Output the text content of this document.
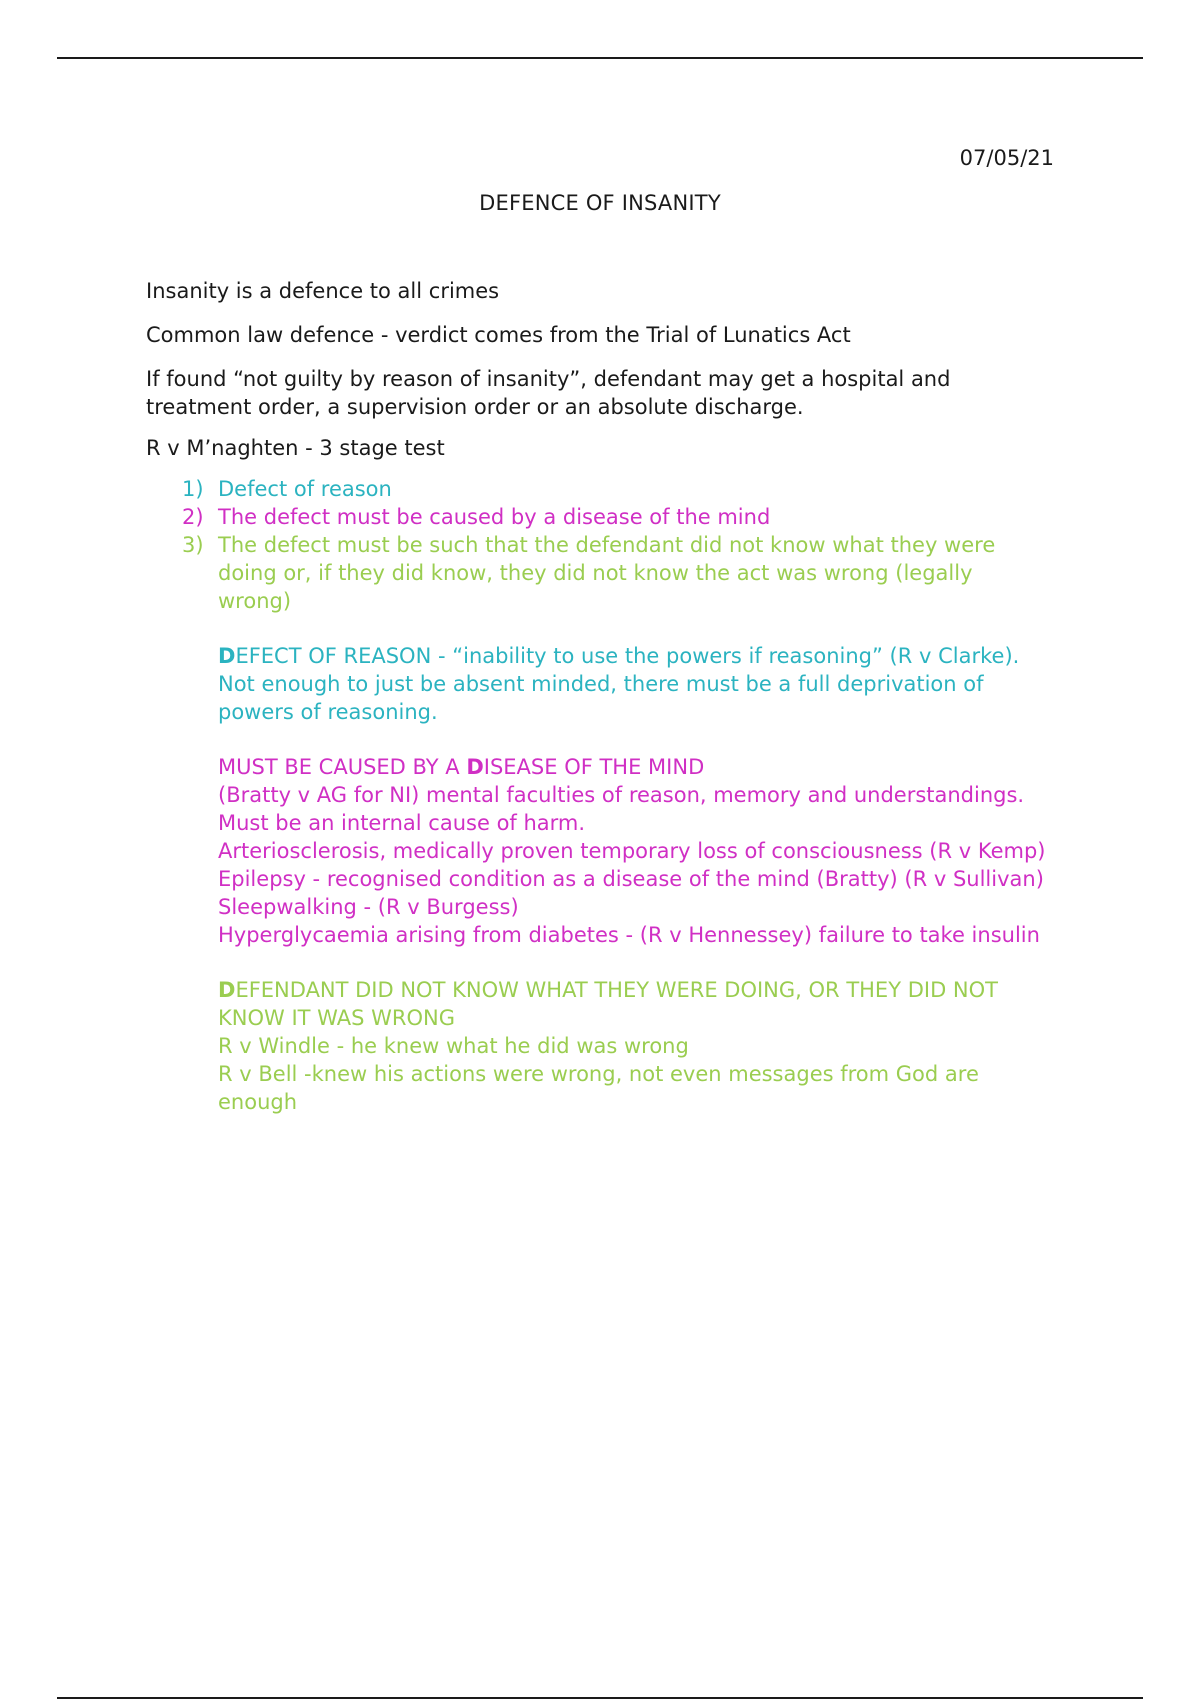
07/05/21
DEFENCE OF INSANITY

Insanity is a defence to all crimes

Common law defence - verdict comes from the Trial of Lunatics Act

If found “not guilty by reason of insanity”, defendant may get a hospital and treatment order, a supervision order or an absolute discharge.

R v M’naghten - 3 stage test

1) Defect of reason
2) The defect must be caused by a disease of the mind
3) The defect must be such that the defendant did not know what they were doing or, if they did know, they did not know the act was wrong (legally wrong)
DEFECT OF REASON - “inability to use the powers if reasoning” (R v Clarke). Not enough to just be absent minded, there must be a full deprivation of powers of reasoning.
MUST BE CAUSED BY A DISEASE OF THE MIND
(Bratty v AG for NI) mental faculties of reason, memory and understandings. Must be an internal cause of harm.
Arteriosclerosis, medically proven temporary loss of consciousness (R v Kemp)
Epilepsy - recognised condition as a disease of the mind (Bratty) (R v Sullivan)
Sleepwalking - (R v Burgess)
Hyperglycaemia arising from diabetes - (R v Hennessey) failure to take insulin
DEFENDANT DID NOT KNOW WHAT THEY WERE DOING, OR THEY DID NOT KNOW IT WAS WRONG
R v Windle - he knew what he did was wrong
R v Bell -knew his actions were wrong, not even messages from God are enough
